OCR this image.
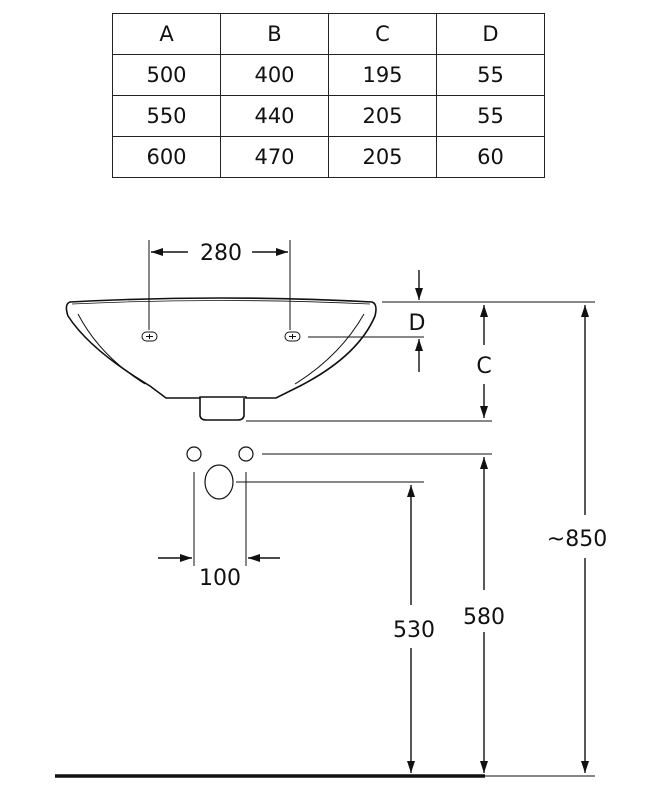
A	B	C	D
500	400	195	55
550	440	205	55
600	470	205	60
280
D
C
100
530
580
~850
